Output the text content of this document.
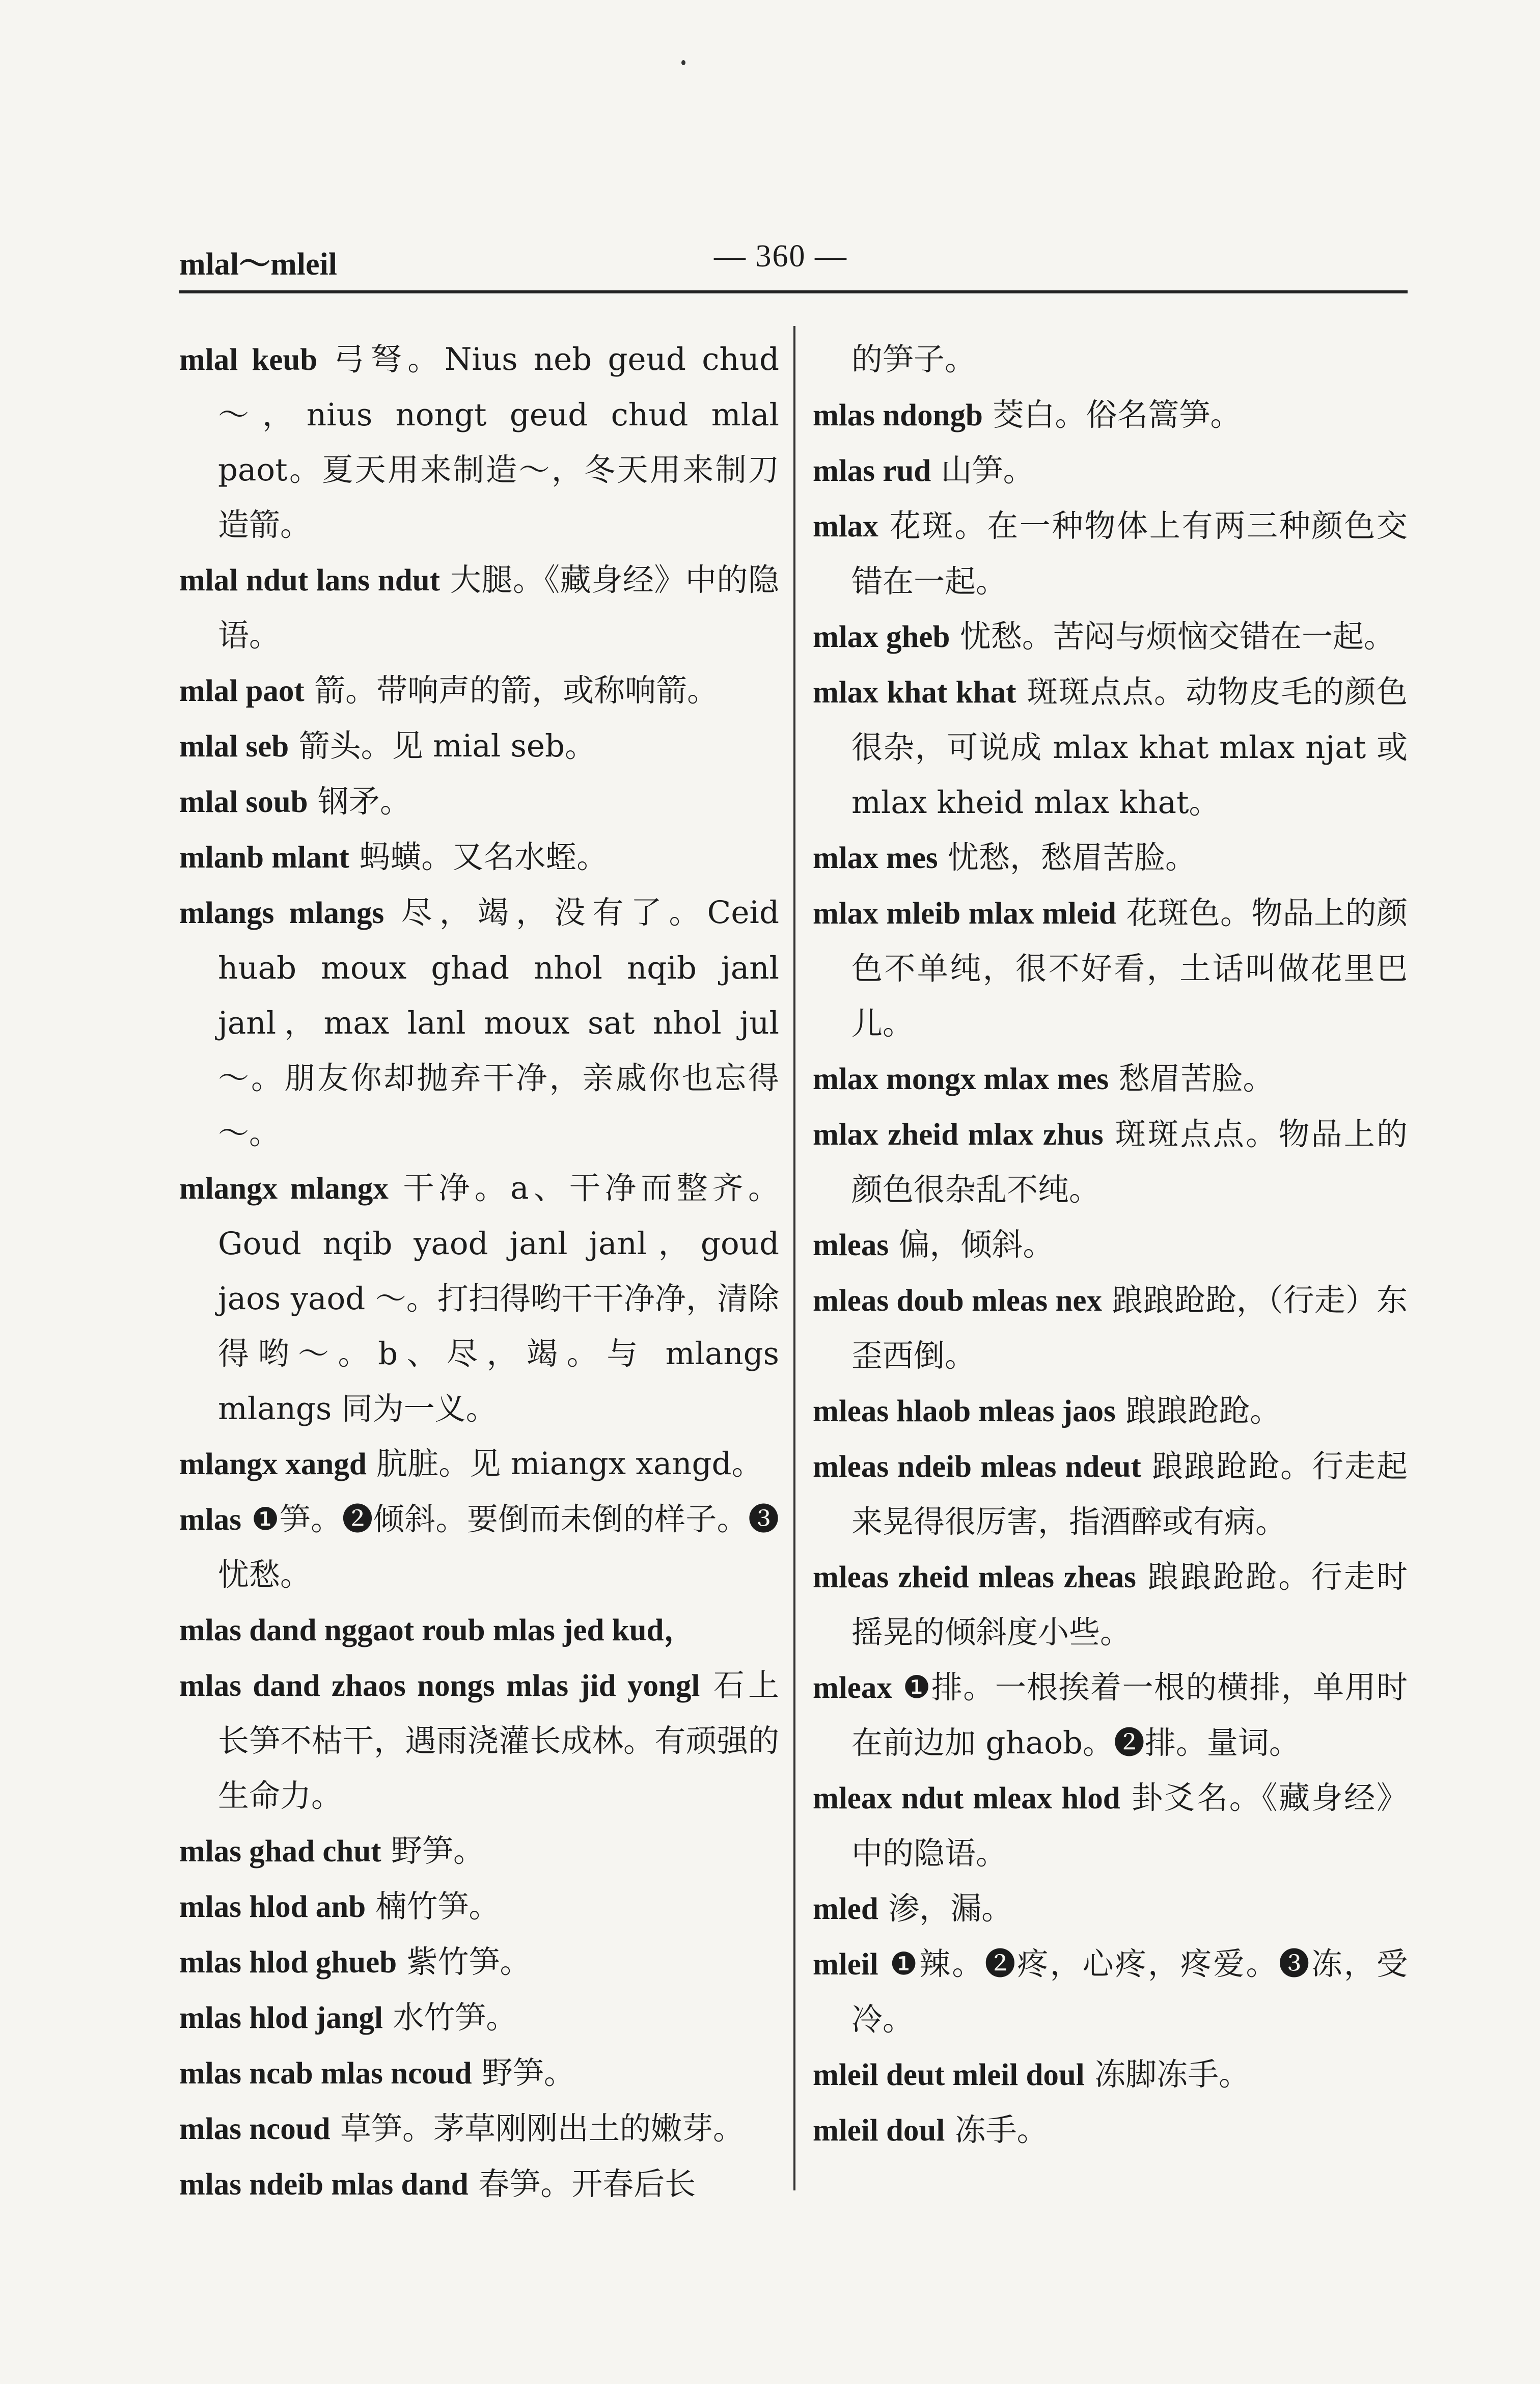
mlal～mleil	— 360 —

mlal keub 弓弩。Nius neb geud chud ～，nius nongt geud chud mlal paot。夏天用来制造～，冬天用来制刀造箭。

mlal ndut lans ndut 大腿。《藏身经》中的隐语。

mlal paot 箭。带响声的箭，或称响箭。

mlal seb 箭头。见 mial seb。

mlal soub 钢矛。

mlanb mlant 蚂蟥。又名水蛭。

mlangs mlangs 尽，竭，没有了。Ceid huab moux ghad nhol nqib janl janl，max lanl moux sat nhol jul ～。朋友你却抛弃干净，亲戚你也忘得～。

mlangx mlangx 干净。a、干净而整齐。Goud nqib yaod janl janl，goud jaos yaod ～。打扫得哟干干净净，清除得哟～。b、尽，竭。与 mlangs mlangs 同为一义。

mlangx xangd 肮脏。见 miangx xangd。

mlas ❶笋。❷倾斜。要倒而未倒的样子。❸忧愁。

mlas dand nggaot roub mlas jed kud，

mlas dand zhaos nongs mlas jid yongl 石上长笋不枯干，遇雨浇灌长成林。有顽强的生命力。

mlas ghad chut 野笋。

mlas hlod anb 楠竹笋。

mlas hlod ghueb 紫竹笋。

mlas hlod jangl 水竹笋。

mlas ncab mlas ncoud 野笋。

mlas ncoud 草笋。茅草刚刚出土的嫩芽。

mlas ndeib mlas dand 春笋。开春后长

的笋子。

mlas ndongb 茭白。俗名篙笋。

mlas rud 山笋。

mlax 花斑。在一种物体上有两三种颜色交错在一起。

mlax gheb 忧愁。苦闷与烦恼交错在一起。

mlax khat khat 斑斑点点。动物皮毛的颜色很杂，可说成 mlax khat mlax njat 或 mlax kheid mlax khat。

mlax mes 忧愁，愁眉苦脸。

mlax mleib mlax mleid 花斑色。物品上的颜色不单纯，很不好看，土话叫做花里巴儿。

mlax mongx mlax mes 愁眉苦脸。

mlax zheid mlax zhus 斑斑点点。物品上的颜色很杂乱不纯。

mleas 偏，倾斜。

mleas doub mleas nex 踉踉跄跄，（行走）东歪西倒。

mleas hlaob mleas jaos 踉踉跄跄。

mleas ndeib mleas ndeut 踉踉跄跄。行走起来晃得很厉害，指酒醉或有病。

mleas zheid mleas zheas 踉踉跄跄。行走时摇晃的倾斜度小些。

mleax ❶排。一根挨着一根的横排，单用时在前边加 ghaob。❷排。量词。

mleax ndut mleax hlod 卦爻名。《藏身经》中的隐语。

mled 渗，漏。

mleil ❶辣。❷疼，心疼，疼爱。❸冻，受冷。

mleil deut mleil doul 冻脚冻手。

mleil doul 冻手。
